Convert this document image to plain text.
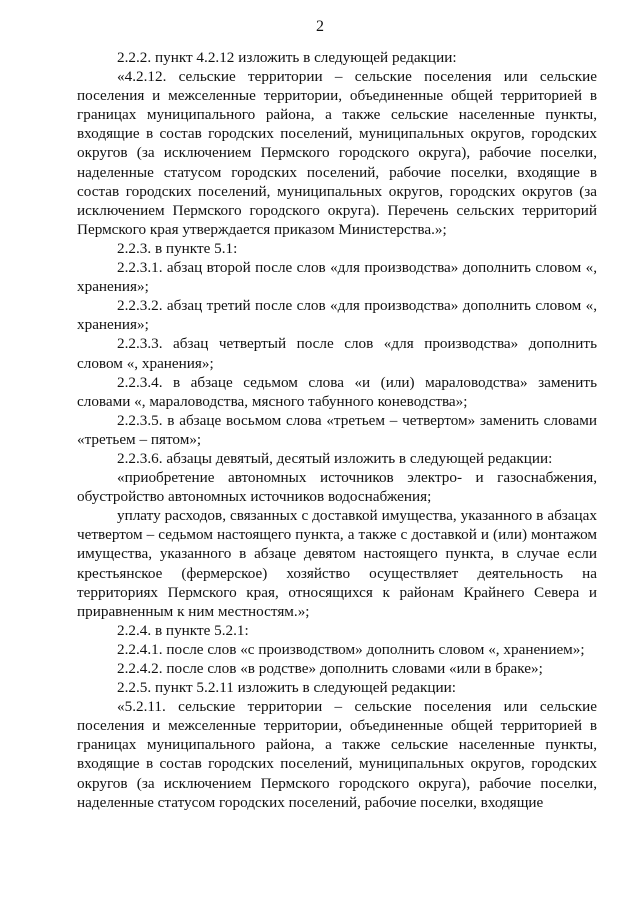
2

2.2.2. пункт 4.2.12 изложить в следующей редакции:

«4.2.12. сельские территории – сельские поселения или сельские поселения и межселенные территории, объединенные общей территорией в границах муниципального района, а также сельские населенные пункты, входящие в состав городских поселений, муниципальных округов, городских округов (за исключением Пермского городского округа), рабочие поселки, наделенные статусом городских поселений, рабочие поселки, входящие в состав городских поселений, муниципальных округов, городских округов (за исключением Пермского городского округа). Перечень сельских территорий Пермского края утверждается приказом Министерства.»;

2.2.3. в пункте 5.1:

2.2.3.1. абзац второй после слов «для производства» дополнить словом «, хранения»;

2.2.3.2. абзац третий после слов «для производства» дополнить словом «, хранения»;

2.2.3.3. абзац четвертый после слов «для производства» дополнить словом «, хранения»;

2.2.3.4. в абзаце седьмом слова «и (или) мараловодства» заменить словами «, мараловодства, мясного табунного коневодства»;

2.2.3.5. в абзаце восьмом слова «третьем – четвертом» заменить словами «третьем – пятом»;

2.2.3.6. абзацы девятый, десятый изложить в следующей редакции:

«приобретение автономных источников электро- и газоснабжения, обустройство автономных источников водоснабжения;

уплату расходов, связанных с доставкой имущества, указанного в абзацах четвертом – седьмом настоящего пункта, а также с доставкой и (или) монтажом имущества, указанного в абзаце девятом настоящего пункта, в случае если крестьянское (фермерское) хозяйство осуществляет деятельность на территориях Пермского края, относящихся к районам Крайнего Севера и приравненным к ним местностям.»;

2.2.4. в пункте 5.2.1:

2.2.4.1. после слов «с производством» дополнить словом «, хранением»;

2.2.4.2. после слов «в родстве» дополнить словами «или в браке»;

2.2.5. пункт 5.2.11 изложить в следующей редакции:

«5.2.11. сельские территории – сельские поселения или сельские поселения и межселенные территории, объединенные общей территорией в границах муниципального района, а также сельские населенные пункты, входящие в состав городских поселений, муниципальных округов, городских округов (за исключением Пермского городского округа), рабочие поселки, наделенные статусом городских поселений, рабочие поселки, входящие
